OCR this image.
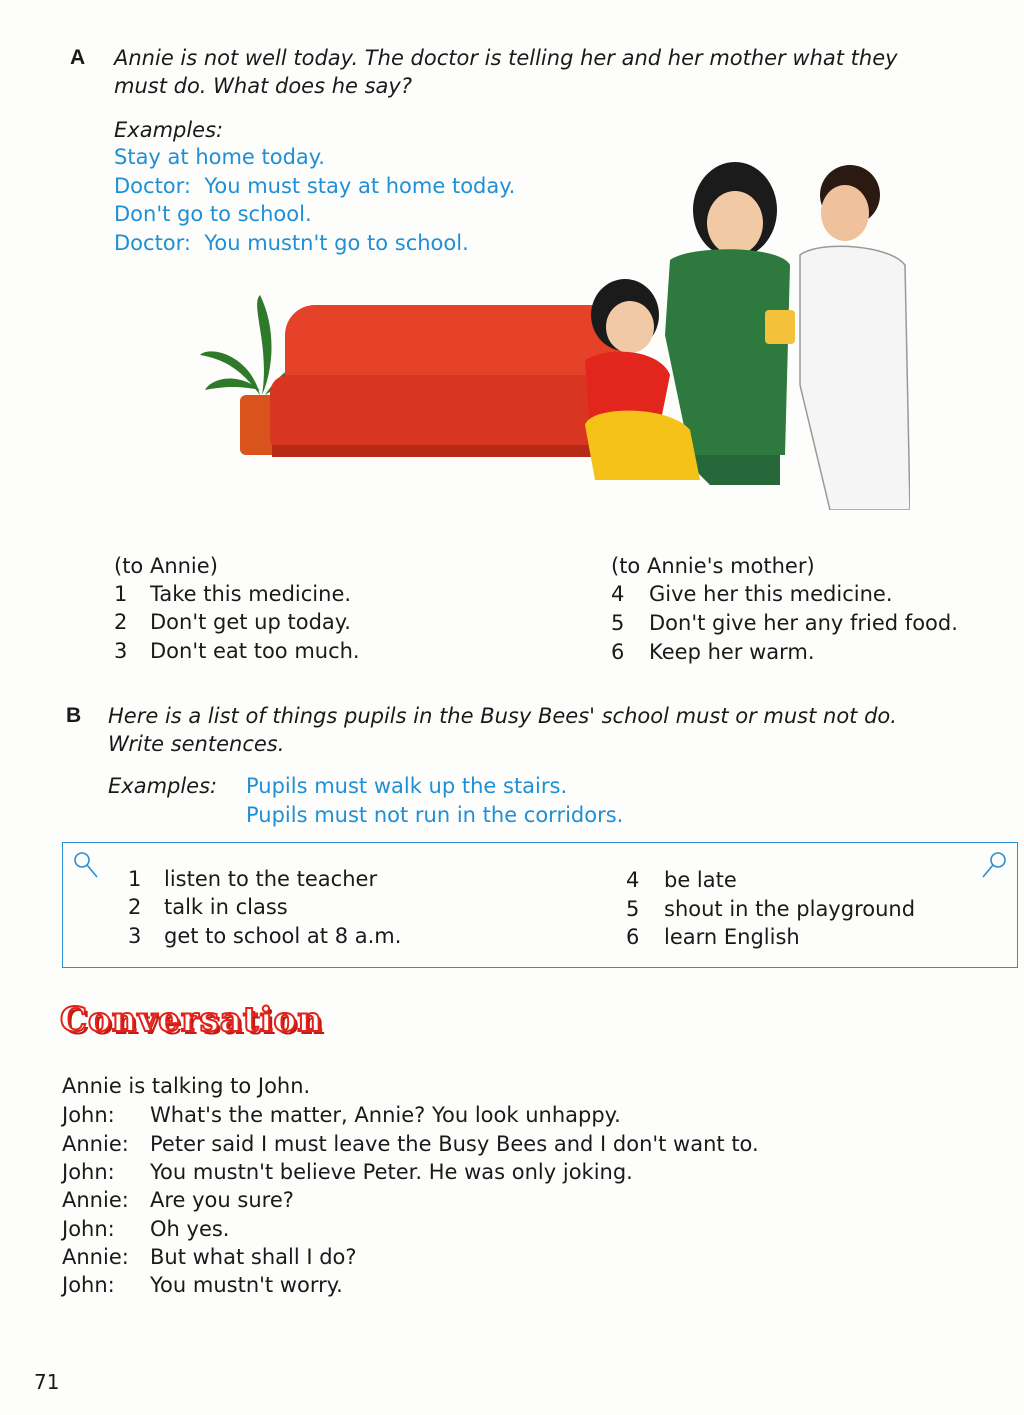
A Annie is not well today. The doctor is telling her and her mother what they
must do. What does he say?
Examples:
Stay at home today.
Doctor:  You must stay at home today.
Don't go to school.
Doctor:  You mustn't go to school.
(to Annie)
1	Take this medicine.
2	Don't get up today.
3	Don't eat too much.
(to Annie's mother)
4	Give her this medicine.
5	Don't give her any fried food.
6	Keep her warm.
B Here is a list of things pupils in the Busy Bees' school must or must not do.
Write sentences.
Examples: Pupils must walk up the stairs.
Pupils must not run in the corridors.
1	listen to the teacher
2	talk in class
3	get to school at 8 a.m.
4	be late
5	shout in the playground
6	learn English
Conversation
Annie is talking to John.
John:	What's the matter, Annie? You look unhappy.
Annie:	Peter said I must leave the Busy Bees and I don't want to.
John:	You mustn't believe Peter. He was only joking.
Annie:	Are you sure?
John:	Oh yes.
Annie:	But what shall I do?
John:	You mustn't worry.
71
